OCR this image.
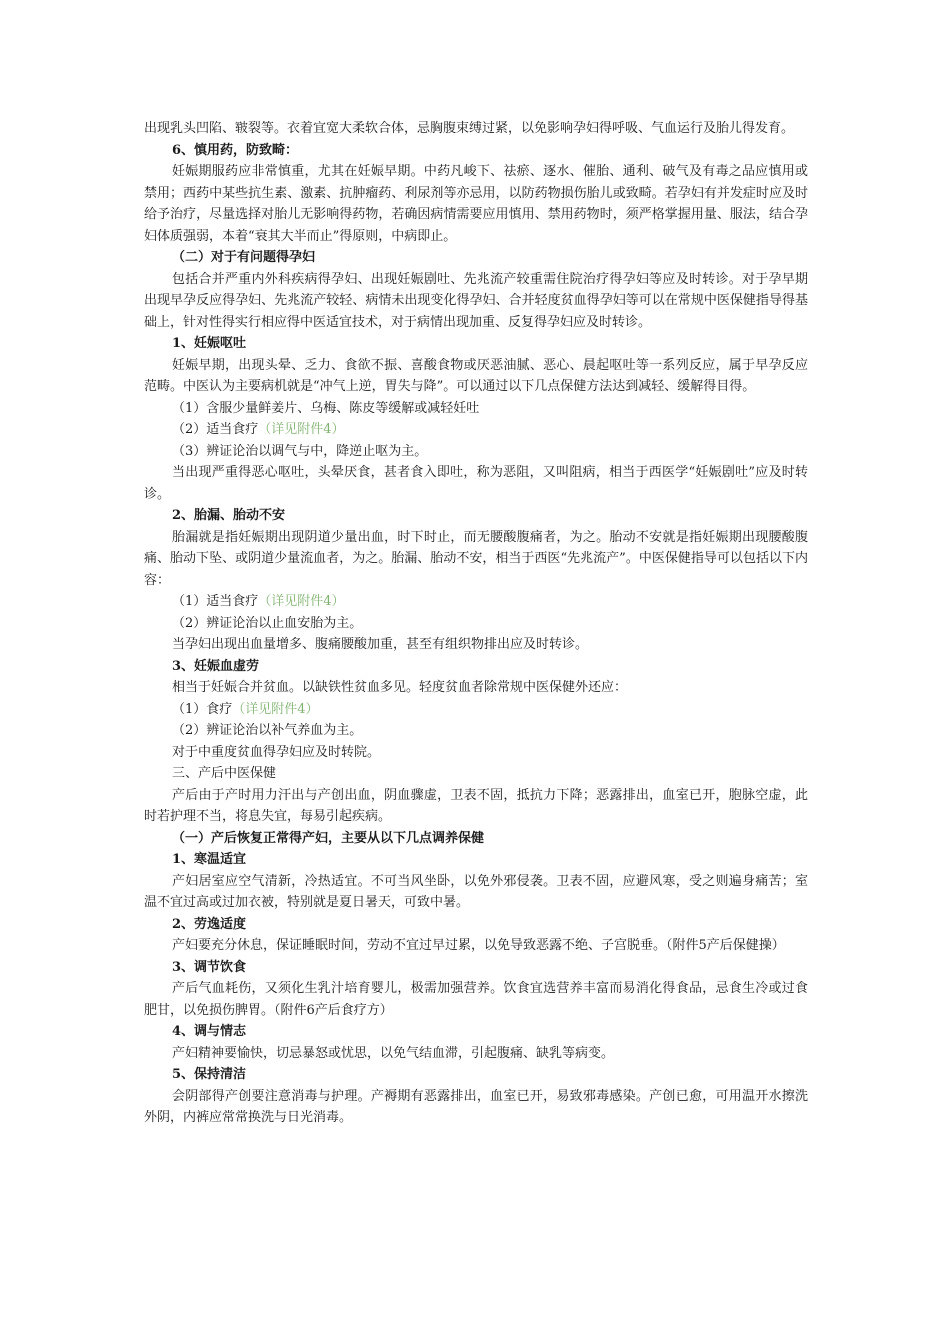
出现乳头凹陷、皲裂等。衣着宜宽大柔软合体，忌胸腹束缚过紧，以免影响孕妇得呼吸、气血运行及胎儿得发育。

6、慎用药，防致畸：

妊娠期服药应非常慎重，尤其在妊娠早期。中药凡峻下、祛瘀、逐水、催胎、通利、破气及有毒之品应慎用或禁用；西药中某些抗生素、激素、抗肿瘤药、利尿剂等亦忌用，以防药物损伤胎儿或致畸。若孕妇有并发症时应及时给予治疗，尽量选择对胎儿无影响得药物，若确因病情需要应用慎用、禁用药物时，须严格掌握用量、服法，结合孕妇体质强弱，本着“衰其大半而止”得原则，中病即止。

（二）对于有问题得孕妇

包括合并严重内外科疾病得孕妇、出现妊娠剧吐、先兆流产较重需住院治疗得孕妇等应及时转诊。对于孕早期出现早孕反应得孕妇、先兆流产较轻、病情未出现变化得孕妇、合并轻度贫血得孕妇等可以在常规中医保健指导得基础上，针对性得实行相应得中医适宜技术，对于病情出现加重、反复得孕妇应及时转诊。

1、妊娠呕吐

妊娠早期，出现头晕、乏力、食欲不振、喜酸食物或厌恶油腻、恶心、晨起呕吐等一系列反应，属于早孕反应范畴。中医认为主要病机就是“冲气上逆，胃失与降”。可以通过以下几点保健方法达到减轻、缓解得目得。

（1）含服少量鲜姜片、乌梅、陈皮等缓解或减轻妊吐

（2）适当食疗（详见附件4）

（3）辨证论治以调气与中，降逆止呕为主。

当出现严重得恶心呕吐，头晕厌食，甚者食入即吐，称为恶阻，又叫阻病，相当于西医学“妊娠剧吐”应及时转诊。

2、胎漏、胎动不安

胎漏就是指妊娠期出现阴道少量出血，时下时止，而无腰酸腹痛者，为之。胎动不安就是指妊娠期出现腰酸腹痛、胎动下坠、或阴道少量流血者，为之。胎漏、胎动不安，相当于西医“先兆流产”。中医保健指导可以包括以下内容：

（1）适当食疗（详见附件4）

（2）辨证论治以止血安胎为主。

当孕妇出现出血量增多、腹痛腰酸加重，甚至有组织物排出应及时转诊。

3、妊娠血虚劳

相当于妊娠合并贫血。以缺铁性贫血多见。轻度贫血者除常规中医保健外还应：

（1）食疗（详见附件4）

（2）辨证论治以补气养血为主。

对于中重度贫血得孕妇应及时转院。

三、产后中医保健

产后由于产时用力汗出与产创出血，阴血骤虚，卫表不固，抵抗力下降；恶露排出，血室已开，胞脉空虚，此时若护理不当，将息失宜，每易引起疾病。

（一）产后恢复正常得产妇，主要从以下几点调养保健

1、寒温适宜

产妇居室应空气清新，冷热适宜。不可当风坐卧，以免外邪侵袭。卫表不固，应避风寒，受之则遍身痛苦；室温不宜过高或过加衣被，特别就是夏日暑天，可致中暑。

2、劳逸适度

产妇要充分休息，保证睡眠时间，劳动不宜过早过累，以免导致恶露不绝、子宫脱垂。（附件5产后保健操）

3、调节饮食

产后气血耗伤，又须化生乳汁培育婴儿，极需加强营养。饮食宜选营养丰富而易消化得食品，忌食生冷或过食肥甘，以免损伤脾胃。（附件6产后食疗方）

4、调与情志

产妇精神要愉快，切忌暴怒或忧思，以免气结血滞，引起腹痛、缺乳等病变。

5、保持清洁

会阴部得产创要注意消毒与护理。产褥期有恶露排出，血室已开，易致邪毒感染。产创已愈，可用温开水擦洗外阴，内裤应常常换洗与日光消毒。
